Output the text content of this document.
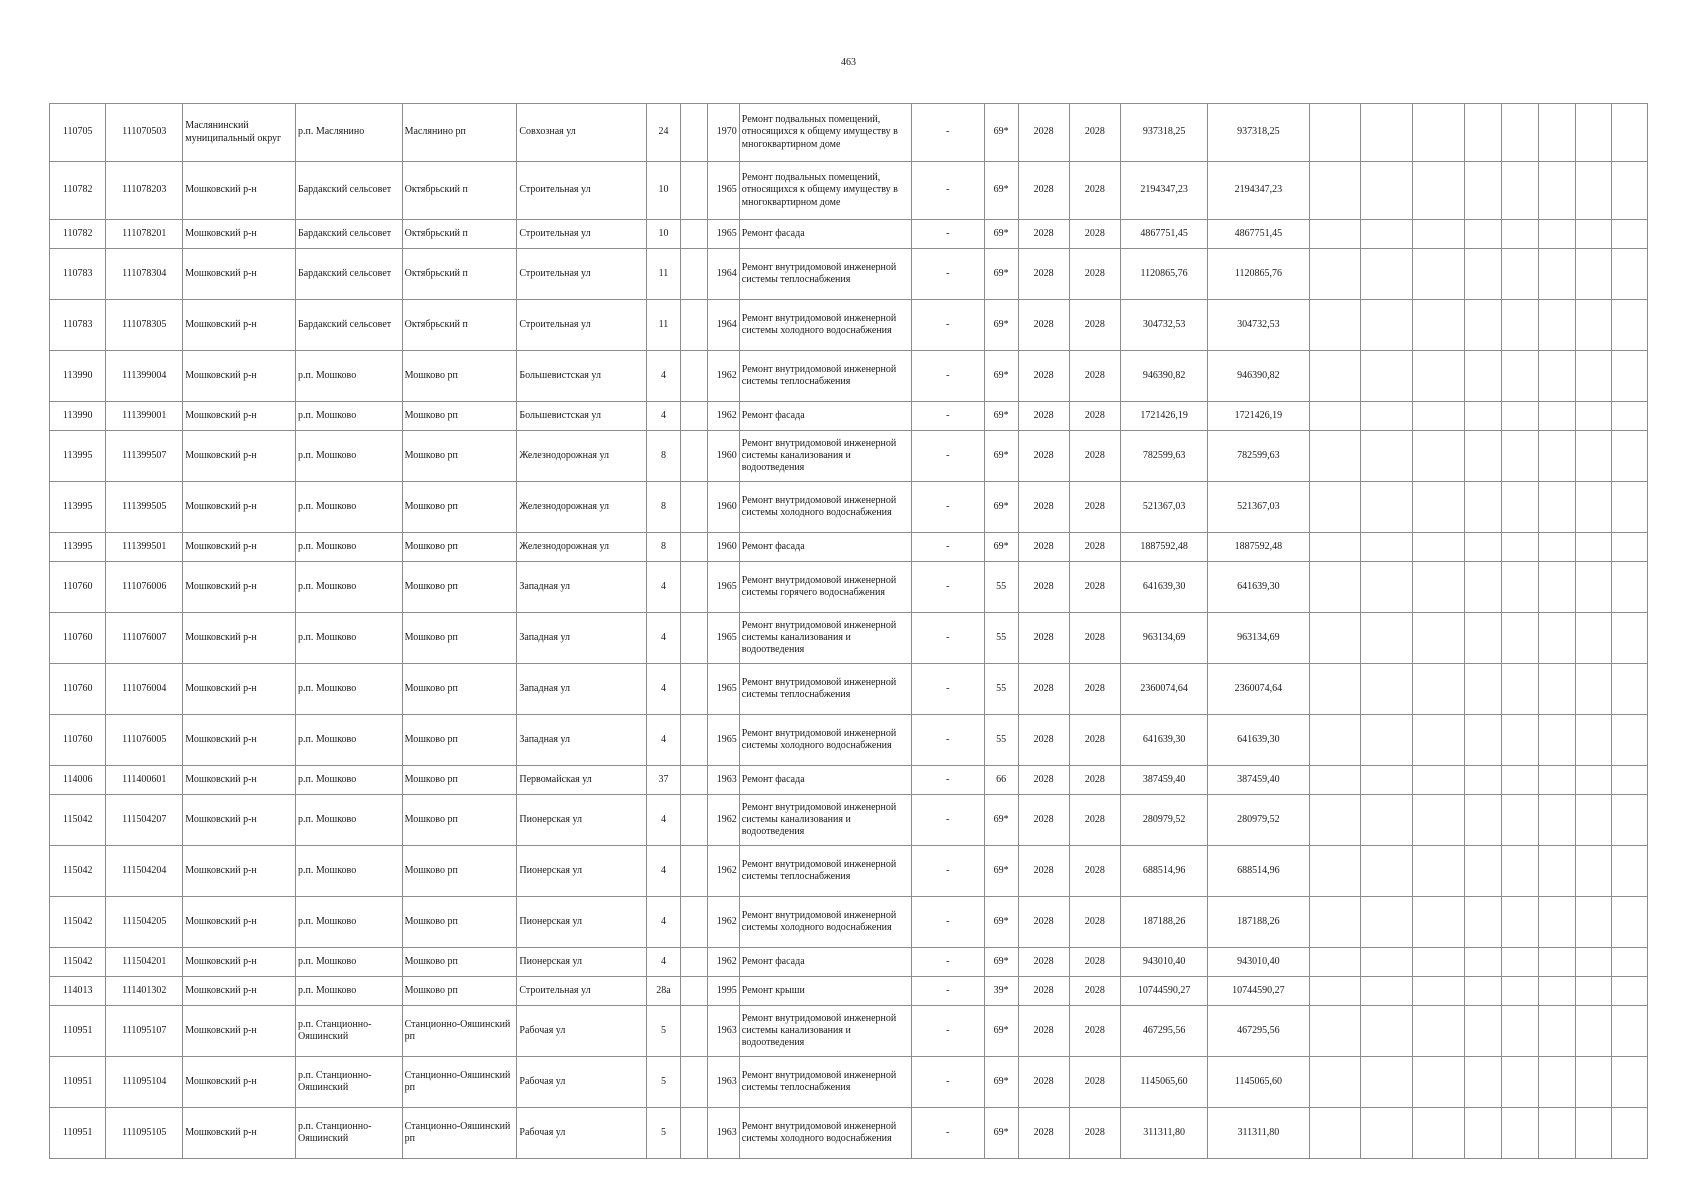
463
110705	111070503	Маслянинский муниципальный округ	р.п. Маслянино	Маслянино рп	Совхозная ул	24		1970	Ремонт подвальных помещений, относящихся к общему имуществу в многоквартирном доме	-	69*	2028	2028	937318,25	937318,25								
110782	111078203	Мошковский р-н	Бардакский сельсовет	Октябрьский п	Строительная ул	10		1965	Ремонт подвальных помещений, относящихся к общему имуществу в многоквартирном доме	-	69*	2028	2028	2194347,23	2194347,23								
110782	111078201	Мошковский р-н	Бардакский сельсовет	Октябрьский п	Строительная ул	10		1965	Ремонт фасада	-	69*	2028	2028	4867751,45	4867751,45								
110783	111078304	Мошковский р-н	Бардакский сельсовет	Октябрьский п	Строительная ул	11		1964	Ремонт внутридомовой инженерной системы теплоснабжения	-	69*	2028	2028	1120865,76	1120865,76								
110783	111078305	Мошковский р-н	Бардакский сельсовет	Октябрьский п	Строительная ул	11		1964	Ремонт внутридомовой инженерной системы холодного водоснабжения	-	69*	2028	2028	304732,53	304732,53								
113990	111399004	Мошковский р-н	р.п. Мошково	Мошково рп	Большевистская ул	4		1962	Ремонт внутридомовой инженерной системы теплоснабжения	-	69*	2028	2028	946390,82	946390,82								
113990	111399001	Мошковский р-н	р.п. Мошково	Мошково рп	Большевистская ул	4		1962	Ремонт фасада	-	69*	2028	2028	1721426,19	1721426,19								
113995	111399507	Мошковский р-н	р.п. Мошково	Мошково рп	Железнодорожная ул	8		1960	Ремонт внутридомовой инженерной системы канализования и водоотведения	-	69*	2028	2028	782599,63	782599,63								
113995	111399505	Мошковский р-н	р.п. Мошково	Мошково рп	Железнодорожная ул	8		1960	Ремонт внутридомовой инженерной системы холодного водоснабжения	-	69*	2028	2028	521367,03	521367,03								
113995	111399501	Мошковский р-н	р.п. Мошково	Мошково рп	Железнодорожная ул	8		1960	Ремонт фасада	-	69*	2028	2028	1887592,48	1887592,48								
110760	111076006	Мошковский р-н	р.п. Мошково	Мошково рп	Западная ул	4		1965	Ремонт внутридомовой инженерной системы горячего водоснабжения	-	55	2028	2028	641639,30	641639,30								
110760	111076007	Мошковский р-н	р.п. Мошково	Мошково рп	Западная ул	4		1965	Ремонт внутридомовой инженерной системы канализования и водоотведения	-	55	2028	2028	963134,69	963134,69								
110760	111076004	Мошковский р-н	р.п. Мошково	Мошково рп	Западная ул	4		1965	Ремонт внутридомовой инженерной системы теплоснабжения	-	55	2028	2028	2360074,64	2360074,64								
110760	111076005	Мошковский р-н	р.п. Мошково	Мошково рп	Западная ул	4		1965	Ремонт внутридомовой инженерной системы холодного водоснабжения	-	55	2028	2028	641639,30	641639,30								
114006	111400601	Мошковский р-н	р.п. Мошково	Мошково рп	Первомайская ул	37		1963	Ремонт фасада	-	66	2028	2028	387459,40	387459,40								
115042	111504207	Мошковский р-н	р.п. Мошково	Мошково рп	Пионерская ул	4		1962	Ремонт внутридомовой инженерной системы канализования и водоотведения	-	69*	2028	2028	280979,52	280979,52								
115042	111504204	Мошковский р-н	р.п. Мошково	Мошково рп	Пионерская ул	4		1962	Ремонт внутридомовой инженерной системы теплоснабжения	-	69*	2028	2028	688514,96	688514,96								
115042	111504205	Мошковский р-н	р.п. Мошково	Мошково рп	Пионерская ул	4		1962	Ремонт внутридомовой инженерной системы холодного водоснабжения	-	69*	2028	2028	187188,26	187188,26								
115042	111504201	Мошковский р-н	р.п. Мошково	Мошково рп	Пионерская ул	4		1962	Ремонт фасада	-	69*	2028	2028	943010,40	943010,40								
114013	111401302	Мошковский р-н	р.п. Мошково	Мошково рп	Строительная ул	28а		1995	Ремонт крыши	-	39*	2028	2028	10744590,27	10744590,27								
110951	111095107	Мошковский р-н	р.п. Станционно-Ояшинский	Станционно-Ояшинский рп	Рабочая ул	5		1963	Ремонт внутридомовой инженерной системы канализования и водоотведения	-	69*	2028	2028	467295,56	467295,56								
110951	111095104	Мошковский р-н	р.п. Станционно-Ояшинский	Станционно-Ояшинский рп	Рабочая ул	5		1963	Ремонт внутридомовой инженерной системы теплоснабжения	-	69*	2028	2028	1145065,60	1145065,60								
110951	111095105	Мошковский р-н	р.п. Станционно-Ояшинский	Станционно-Ояшинский рп	Рабочая ул	5		1963	Ремонт внутридомовой инженерной системы холодного водоснабжения	-	69*	2028	2028	311311,80	311311,80								
